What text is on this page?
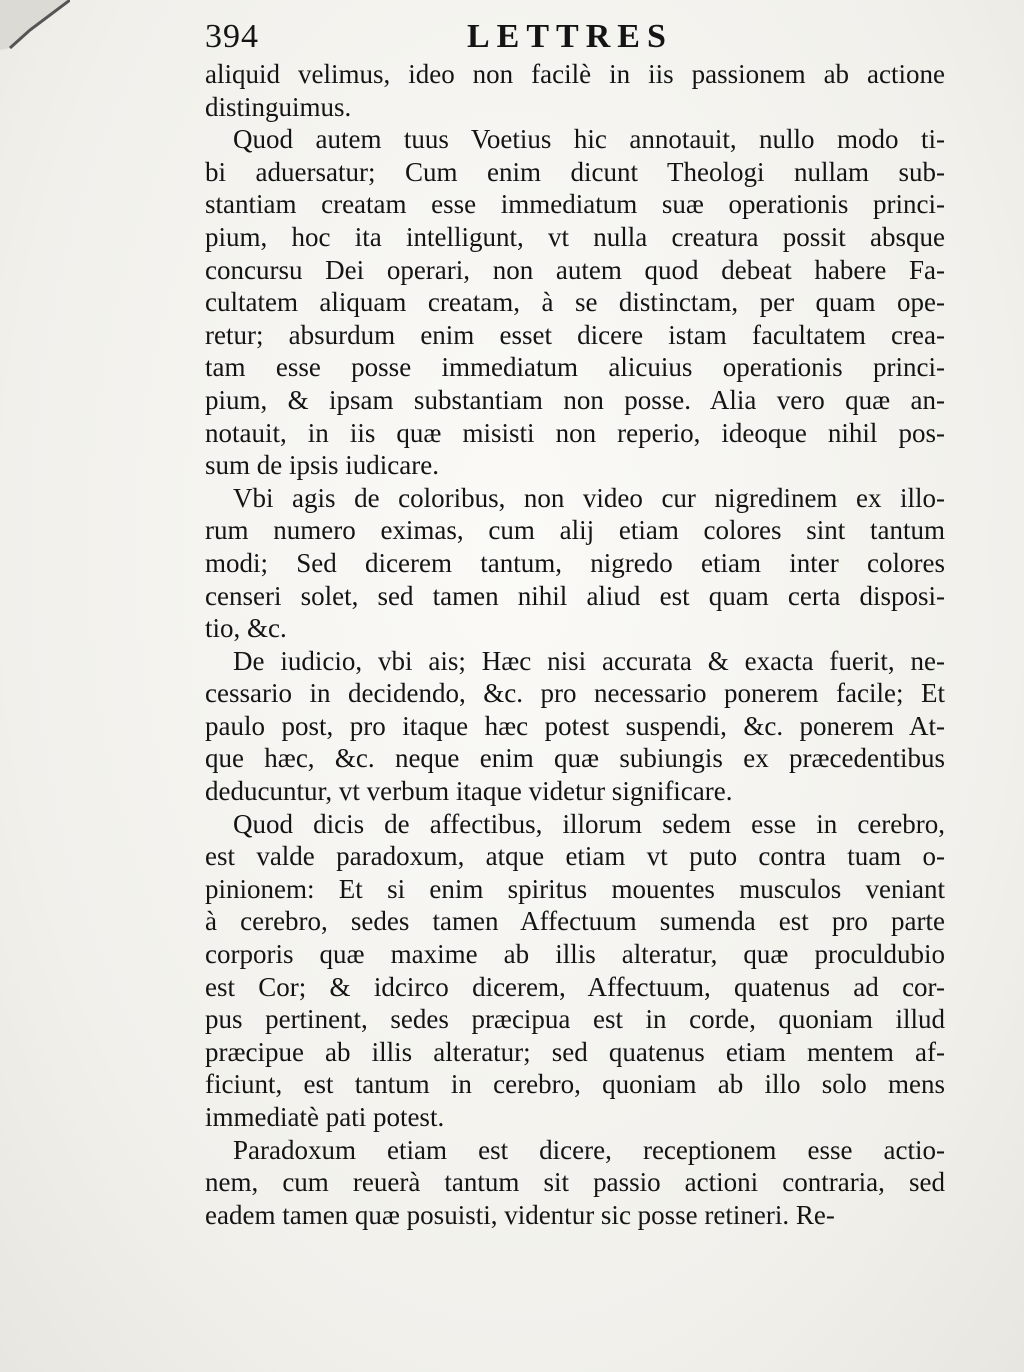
394	LETTRES
aliquid velimus, ideo non facilè in iis passionem ab actione
distinguimus.
Quod autem tuus Voetius hic annotauit, nullo modo ti-
bi aduersatur; Cum enim dicunt Theologi nullam sub-
stantiam creatam esse immediatum suæ operationis princi-
pium, hoc ita intelligunt, vt nulla creatura possit absque
concursu Dei operari, non autem quod debeat habere Fa-
cultatem aliquam creatam, à se distinctam, per quam ope-
retur; absurdum enim esset dicere istam facultatem crea-
tam esse posse immediatum alicuius operationis princi-
pium, & ipsam substantiam non posse. Alia vero quæ an-
notauit, in iis quæ misisti non reperio, ideoque nihil pos-
sum de ipsis iudicare.
Vbi agis de coloribus, non video cur nigredinem ex illo-
rum numero eximas, cum alij etiam colores sint tantum
modi; Sed dicerem tantum, nigredo etiam inter colores
censeri solet, sed tamen nihil aliud est quam certa disposi-
tio, &c.
De iudicio, vbi ais; Hæc nisi accurata & exacta fuerit, ne-
cessario in decidendo, &c. pro necessario ponerem facile; Et
paulo post, pro itaque hæc potest suspendi, &c. ponerem At-
que hæc, &c. neque enim quæ subiungis ex præcedentibus
deducuntur, vt verbum itaque videtur significare.
Quod dicis de affectibus, illorum sedem esse in cerebro,
est valde paradoxum, atque etiam vt puto contra tuam o-
pinionem: Et si enim spiritus mouentes musculos veniant
à cerebro, sedes tamen Affectuum sumenda est pro parte
corporis quæ maxime ab illis alteratur, quæ proculdubio
est Cor; & idcirco dicerem, Affectuum, quatenus ad cor-
pus pertinent, sedes præcipua est in corde, quoniam illud
præcipue ab illis alteratur; sed quatenus etiam mentem af-
ficiunt, est tantum in cerebro, quoniam ab illo solo mens
immediatè pati potest.
Paradoxum etiam est dicere, receptionem esse actio-
nem, cum reuerà tantum sit passio actioni contraria, sed
eadem tamen quæ posuisti, videntur sic posse retineri. Re-
